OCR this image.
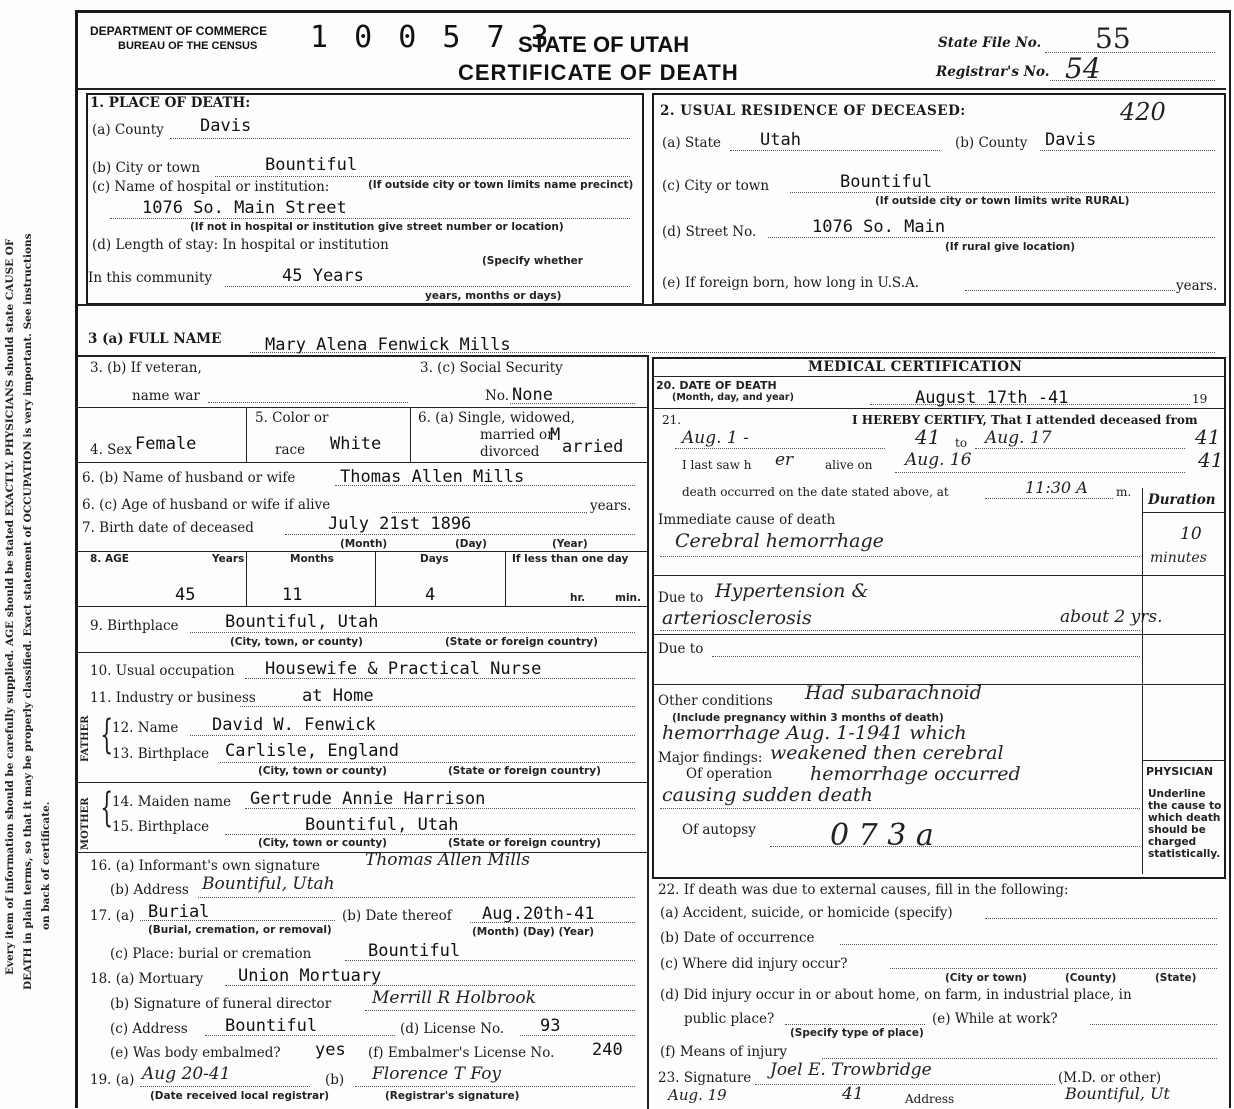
Every item of information should be carefully supplied. AGE should be stated EXACTLY. PHYSICIANS should state CAUSE OF DEATH in plain terms, so that it may be properly classified. Exact statement of OCCUPATION is very important. See instructions on back of certificate.
DEPARTMENT OF COMMERCE
BUREAU OF THE CENSUS 1 0 0 5 7 3
STATE OF UTAH
CERTIFICATE OF DEATH
State File No. 55
Registrar's No. 54
420
1. PLACE OF DEATH:
(a) County Davis
(b) City or town	Bountiful
(c) Name of hospital or institution:	(If outside city or town limits name precinct)
1076 So. Main Street
(If not in hospital or institution give street number or location)
(d) Length of stay: In hospital or institution
(Specify whether
In this community	45 Years
years, months or days)
2. USUAL RESIDENCE OF DECEASED:
(a) State Utah	(b) County Davis
(c) City or town	Bountiful
(If outside city or town limits write RURAL)
(d) Street No.	1076 So. Main
(If rural give location)
(e) If foreign born, how long in U.S.A.	years.
3 (a) FULL NAME	Mary Alena Fenwick Mills
3. (b) If veteran,
name war
3. (c) Social Security
No. None
4. Sex Female
5. Color or
race White
6. (a) Single, widowed,
married or
M
divorced arried
6. (b) Name of husband or wife	Thomas Allen Mills
6. (c) Age of husband or wife if alive	years.
7. Birth date of deceased	July 21st 1896
(Month)	(Day)	(Year)
8. AGE	Years	Months	Days	If less than one day
45	11	4	hr.	min.
9. Birthplace	Bountiful, Utah
(City, town, or county)	(State or foreign country)
10. Usual occupation Housewife & Practical Nurse
11. Industry or business	at Home
FATHER {
12. Name David W. Fenwick
13. Birthplace Carlisle, England
(City, town or county)	(State or foreign country)
MOTHER {
14. Maiden name Gertrude Annie Harrison
15. Birthplace	Bountiful, Utah
(City, town or county)	(State or foreign country)
16. (a) Informant's own signature	Thomas Allen Mills
(b) Address Bountiful, Utah
17. (a) Burial
(Burial, cremation, or removal)
(b) Date thereof Aug.20th-41
(Month) (Day) (Year)
(c) Place: burial or cremation	Bountiful
18. (a) Mortuary Union Mortuary
(b) Signature of funeral director Merrill R Holbrook
(c) Address Bountiful	(d) License No. 93
(e) Was body embalmed? yes (f) Embalmer's License No. 240
19. (a) Aug 20-41
(Date received local registrar)
(b) Florence T Foy
(Registrar's signature)
MEDICAL CERTIFICATION
20. DATE OF DEATH
(Month, day, and year)	August 17th -41	19
21.	I HEREBY CERTIFY, That I attended deceased from
Aug. 1 -	41 to Aug. 17	41
I last saw h er	alive on Aug. 16	41
death occurred on the date stated above, at	11:30 A m. Duration
Immediate cause of death
Cerebral hemorrhage	10
minutes
Due to Hypertension &
arteriosclerosis	about 2 yrs.
Due to
Other conditions Had subarachnoid
(Include pregnancy within 3 months of death)
hemorrhage Aug. 1-1941 which
Major findings: weakened then cerebral
Of operation hemorrhage occurred
causing sudden death
Of autopsy 0 7 3 a
PHYSICIAN
Underline the cause to which death should be charged statistically.
22. If death was due to external causes, fill in the following:
(a) Accident, suicide, or homicide (specify)
(b) Date of occurrence
(c) Where did injury occur?
(City or town)	(County)	(State)
(d) Did injury occur in or about home, on farm, in industrial place, in
public place?
(Specify type of place)
(e) While at work?
(f) Means of injury
23. Signature Joel E. Trowbridge	(M.D. or other)
Aug. 19	41	Address	Bountiful, Ut
